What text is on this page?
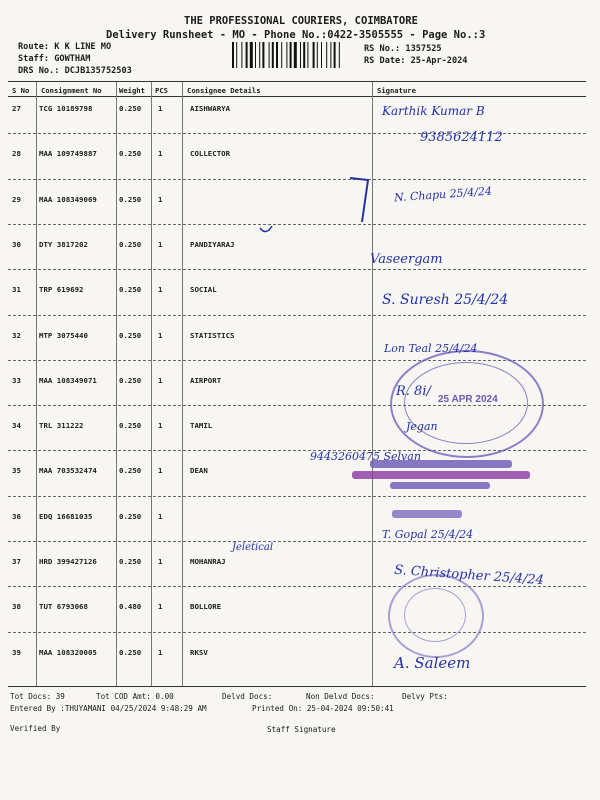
THE PROFESSIONAL COURIERS, COIMBATORE
Delivery Runsheet - MO - Phone No.:0422-3505555 - Page No.:3
Route: K K LINE MO
Staff: GOWTHAM
DRS No.: DCJB135752503
RS No.: 1357525
RS Date: 25-Apr-2024
S No Consignment No Weight PCS	Consignee Details	Signature
27 TCG 10189798	0.250 1	AISHWARYA
28 MAA 109749887	0.250 1	COLLECTOR
29 MAA 108349069	0.250 1
30 DTY 3817202	0.250 1	PANDIYARAJ
31 TRP 619692	0.250 1	SOCIAL
32 MTP 3075440	0.250 1	STATISTICS
33 MAA 108349071	0.250 1	AIRPORT
34 TRL 311222	0.250 1	TAMIL
35 MAA 703532474	0.250 1	DEAN
36 EDQ 16681035	0.250 1
37 HRD 399427126	0.250 1	MOHANRAJ
38 TUT 6793068	0.480 1	BOLLORE
39 MAA 108320005	0.250 1	RKSV
25 APR 2024
Karthik Kumar B
9385624112
N. Chapu 25/4/24
Vaseergam
S. Suresh 25/4/24
Lon Teal 25/4/24
R. 8i/
Jegan
9443260475 Selvan
T. Gopal 25/4/24
Jeletical
S. Christopher 25/4/24
A. Saleem
Tot Docs: 39	Tot COD Amt: 0.00	Delvd Docs:	Non Delvd Docs:	Delvy Pts:
Entered By :THUYAMANI 04/25/2024 9:48:29 AM	Printed On: 25-04-2024 09:50:41
Verified By	Staff Signature
